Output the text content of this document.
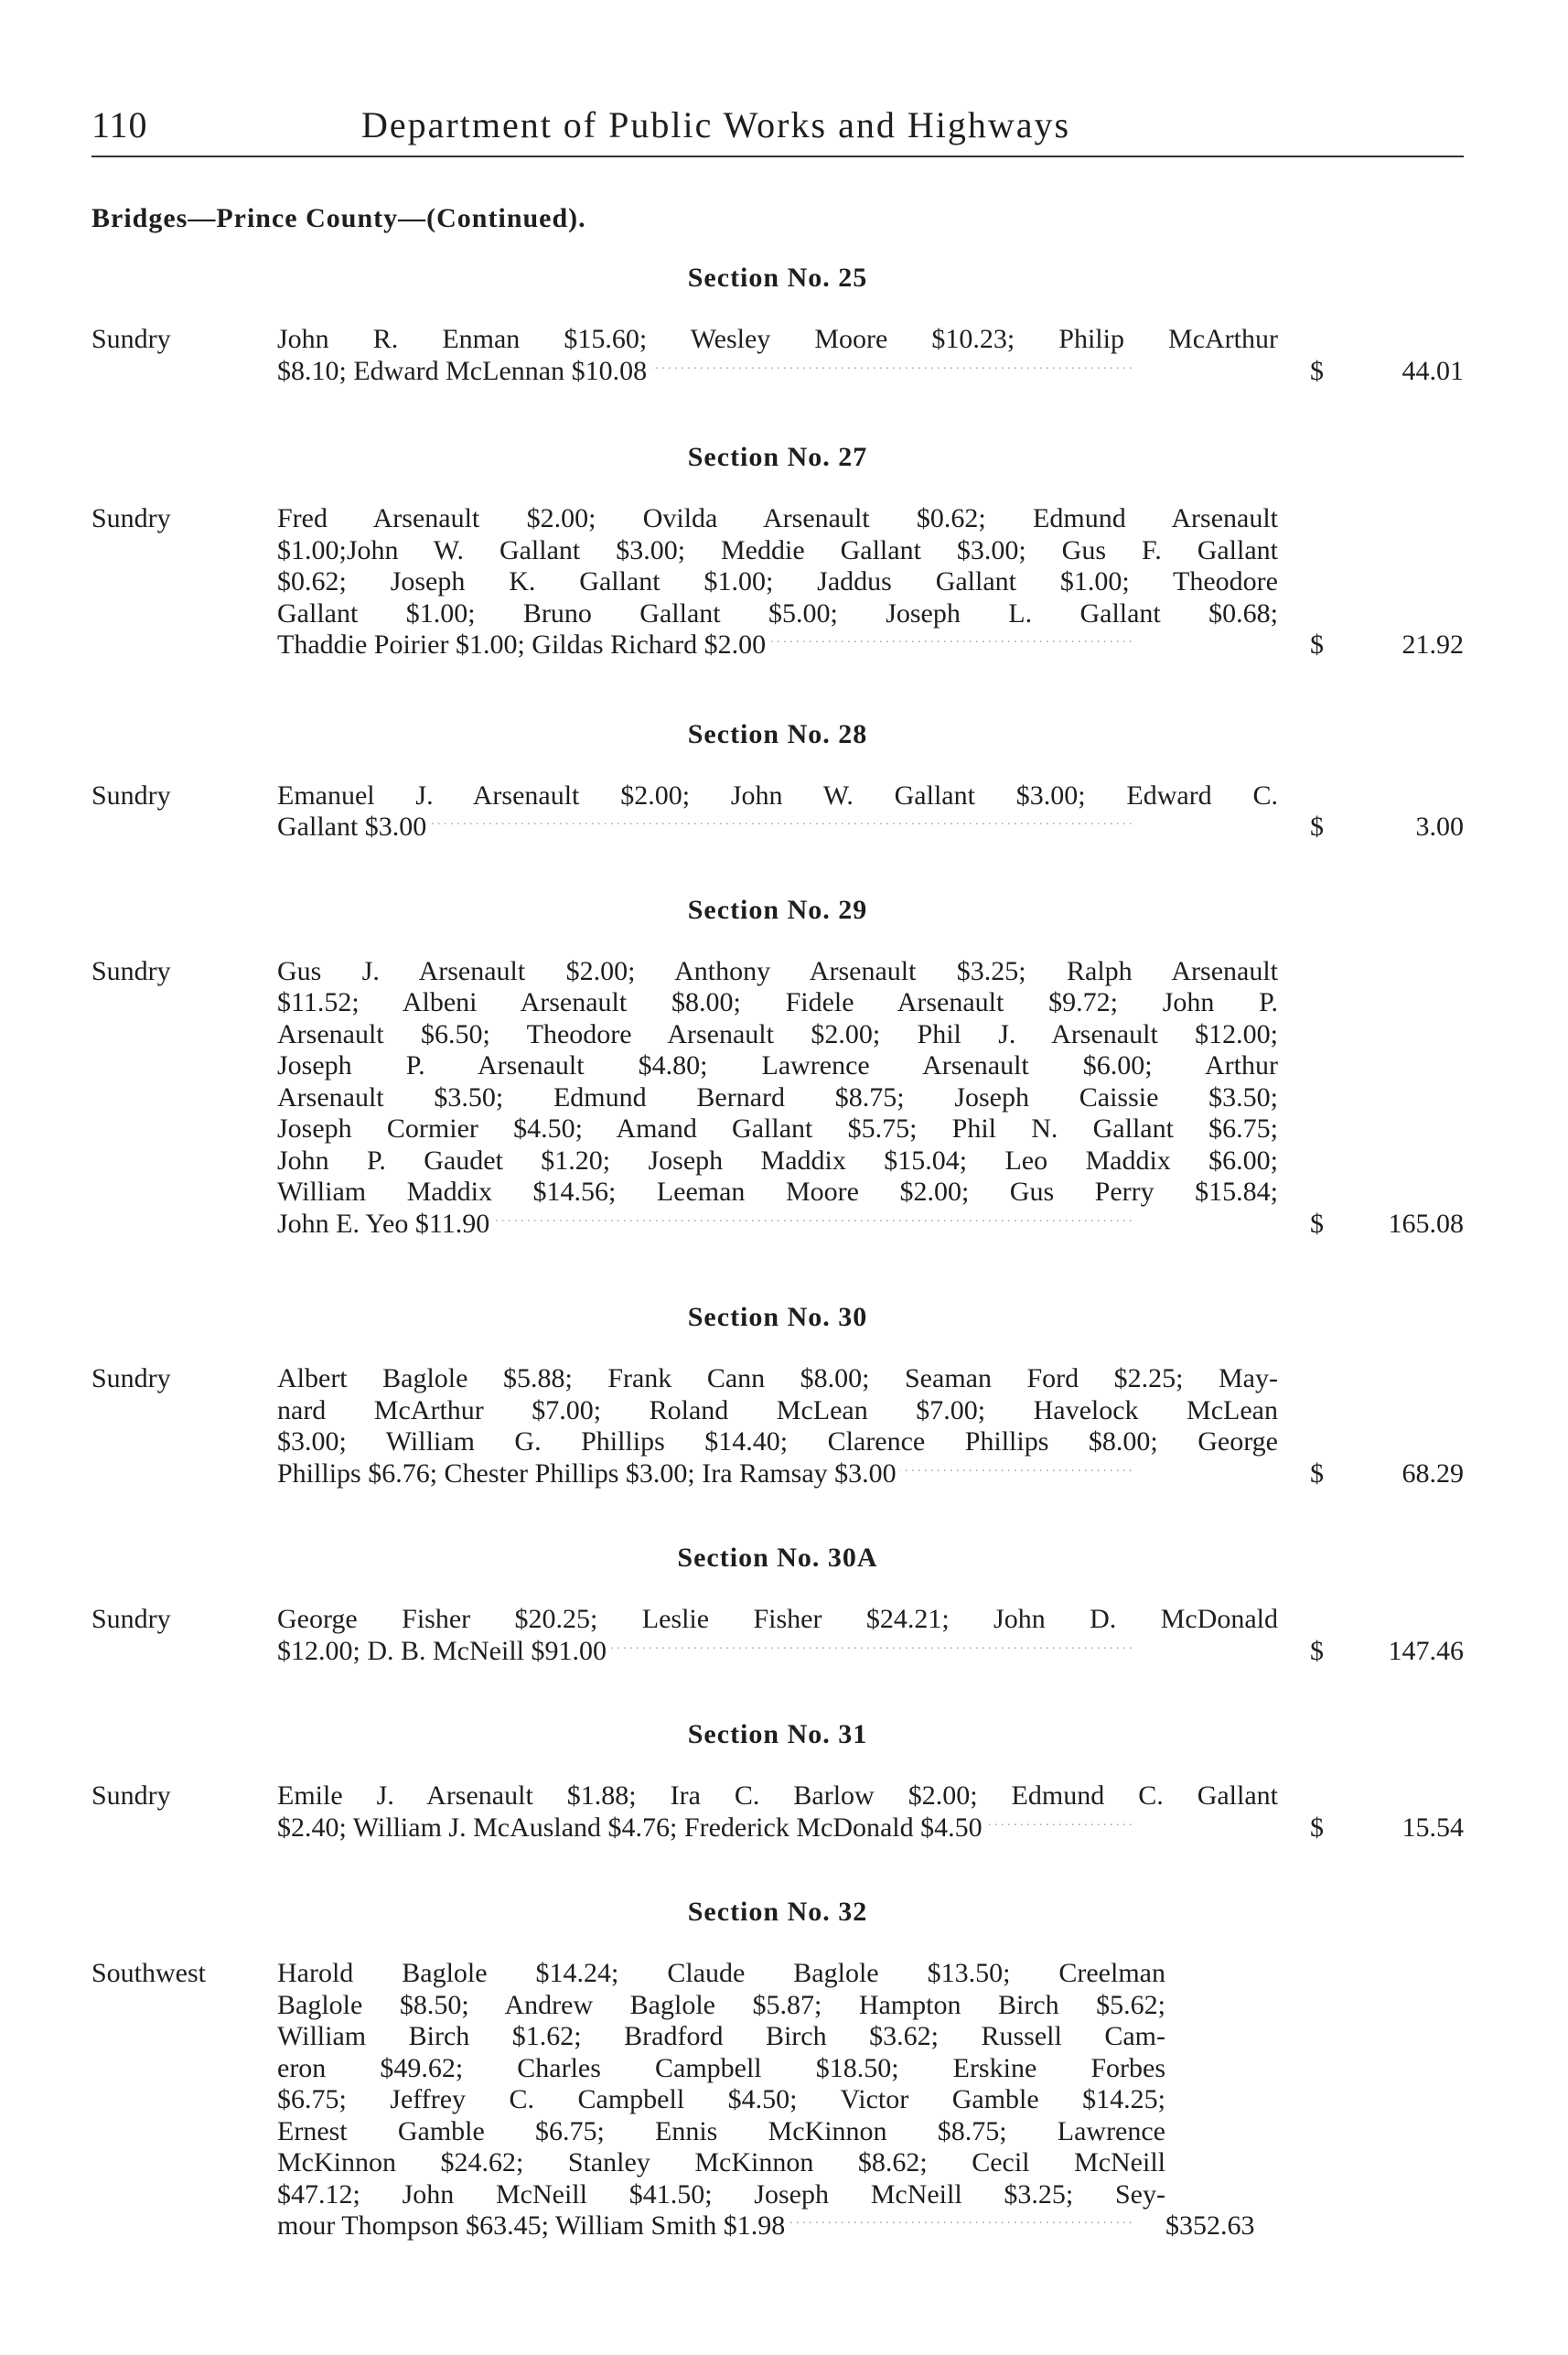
110	Department of Public Works and Highways
Bridges—Prince County—(Continued).
Section No. 25
Sundry	John R. Enman $15.60; Wesley Moore $10.23; Philip McArthur
$8.10; Edward McLennan $10.08 . . .	$	44.01
Section No. 27
Sundry	Fred Arsenault $2.00; Ovilda Arsenault $0.62; Edmund Arsenault
$1.00;John W. Gallant $3.00; Meddie Gallant $3.00; Gus F. Gallant
$0.62; Joseph K. Gallant $1.00; Jaddus Gallant $1.00; Theodore
Gallant $1.00; Bruno Gallant $5.00; Joseph L. Gallant $0.68;
Thaddie Poirier $1.00; Gildas Richard $2.00 . . .	$	21.92
Section No. 28
Sundry	Emanuel J. Arsenault $2.00; John W. Gallant $3.00; Edward C.
Gallant $3.00 . . .	$	3.00
Section No. 29
Sundry	Gus J. Arsenault $2.00; Anthony Arsenault $3.25; Ralph Arsenault
$11.52; Albeni Arsenault $8.00; Fidele Arsenault $9.72; John P.
Arsenault $6.50; Theodore Arsenault $2.00; Phil J. Arsenault $12.00;
Joseph P. Arsenault $4.80; Lawrence Arsenault $6.00; Arthur
Arsenault $3.50; Edmund Bernard $8.75; Joseph Caissie $3.50;
Joseph Cormier $4.50; Amand Gallant $5.75; Phil N. Gallant $6.75;
John P. Gaudet $1.20; Joseph Maddix $15.04; Leo Maddix $6.00;
William Maddix $14.56; Leeman Moore $2.00; Gus Perry $15.84;
John E. Yeo $11.90 . . .	$ 165.08
Section No. 30
Sundry	Albert Baglole $5.88; Frank Cann $8.00; Seaman Ford $2.25; May-
nard McArthur $7.00; Roland McLean $7.00; Havelock McLean
$3.00; William G. Phillips $14.40; Clarence Phillips $8.00; George
Phillips $6.76; Chester Phillips $3.00; Ira Ramsay $3.00 . . .	$	68.29
Section No. 30A
Sundry	George Fisher $20.25; Leslie Fisher $24.21; John D. McDonald
$12.00; D. B. McNeill $91.00 . . .	$ 147.46
Section No. 31
Sundry	Emile J. Arsenault $1.88; Ira C. Barlow $2.00; Edmund C. Gallant
$2.40; William J. McAusland $4.76; Frederick McDonald $4.50 . . .	$	15.54
Section No. 32
Southwest	Harold Baglole $14.24; Claude Baglole $13.50; Creelman
Baglole $8.50; Andrew Baglole $5.87; Hampton Birch $5.62;
William Birch $1.62; Bradford Birch $3.62; Russell Cam-
eron $49.62; Charles Campbell $18.50; Erskine Forbes
$6.75; Jeffrey C. Campbell $4.50; Victor Gamble $14.25;
Ernest Gamble $6.75; Ennis McKinnon $8.75; Lawrence
McKinnon $24.62; Stanley McKinnon $8.62; Cecil McNeill
$47.12; John McNeill $41.50; Joseph McNeill $3.25; Sey-
mour Thompson $63.45; William Smith $1.98 . . .	$352.63
